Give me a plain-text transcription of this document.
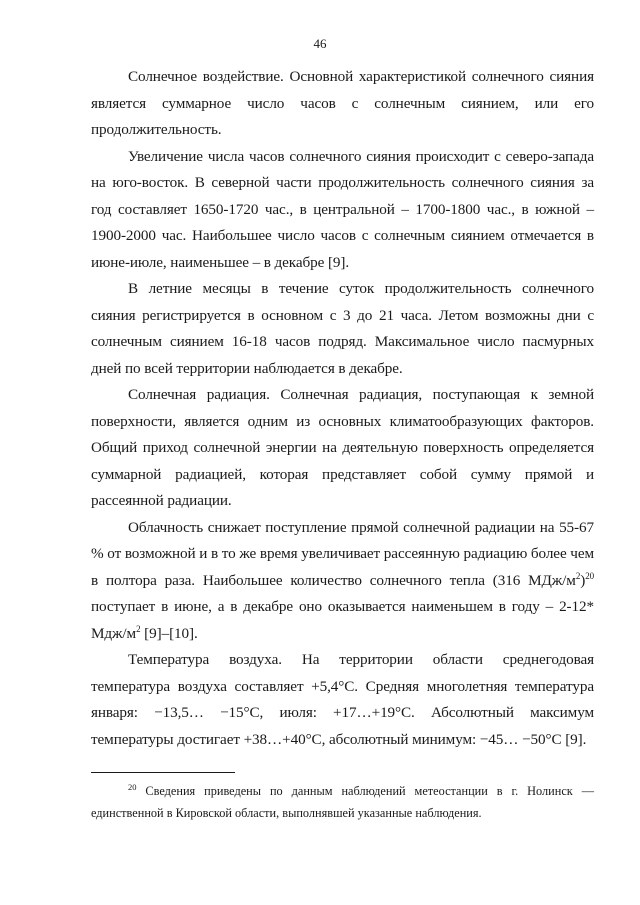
46

Солнечное воздействие. Основной характеристикой солнечного сияния является суммарное число часов с солнечным сиянием, или его продолжительность.

Увеличение числа часов солнечного сияния происходит с северо-запада на юго-восток. В северной части продолжительность солнечного сияния за год составляет 1650-1720 час., в центральной – 1700-1800 час., в южной – 1900-2000 час. Наибольшее число часов с солнечным сиянием отмечается в июне-июле, наименьшее – в декабре [9].

В летние месяцы в течение суток продолжительность солнечного сияния регистрируется в основном с 3 до 21 часа. Летом возможны дни с солнечным сиянием 16-18 часов подряд. Максимальное число пасмурных дней по всей территории наблюдается в декабре.

Солнечная радиация. Солнечная радиация, поступающая к земной поверхности, является одним из основных климатообразующих факторов. Общий приход солнечной энергии на деятельную поверхность определяется суммарной радиацией, которая представляет собой сумму прямой и рассеянной радиации.

Облачность снижает поступление прямой солнечной радиации на 55-67 % от возможной и в то же время увеличивает рассеянную радиацию более чем в полтора раза. Наибольшее количество солнечного тепла (316 МДж/$м^2)^{20}$ поступает в июне, а в декабре оно оказывается наименьшем в году – 2-12* Мдж/$м^2$ [9]–[10].

Температура воздуха. На территории области среднегодовая температура воздуха составляет +5,4°С. Средняя многолетняя температура января: −13,5… −15°С, июля: +17…+19°С. Абсолютный максимум температуры достигает +38…+40°С, абсолютный минимум: −45… −50°С [9].

$^{20}$ Сведения приведены по данным наблюдений метеостанции в г. Нолинск — единственной в Кировской области, выполнявшей указанные наблюдения.
